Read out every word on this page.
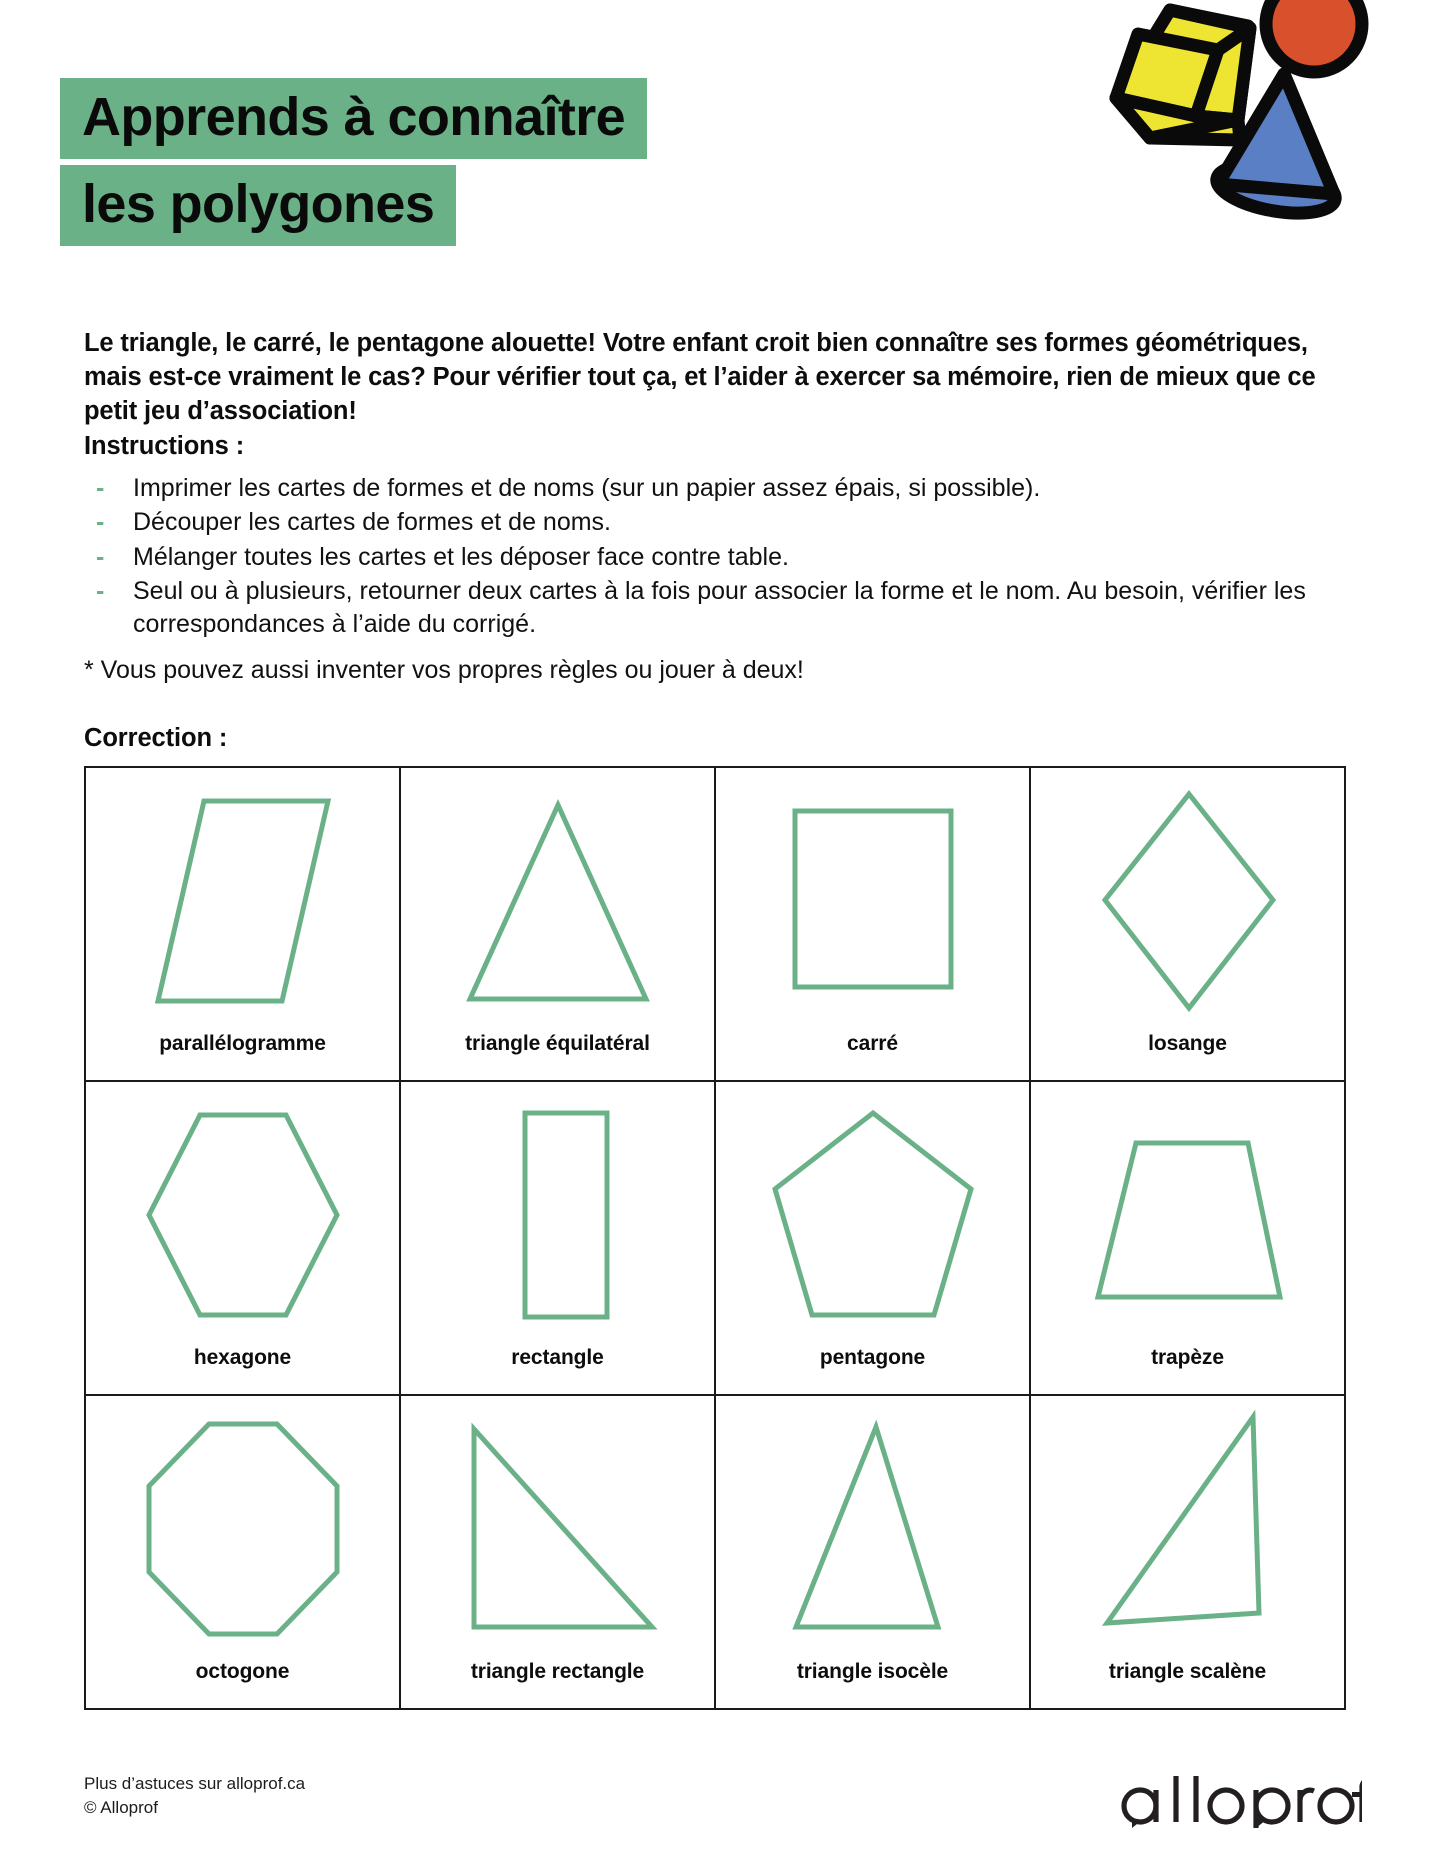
Apprends à connaître
les polygones

Le triangle, le carré, le pentagone alouette! Votre enfant croit bien connaître ses formes géométriques, mais est-ce vraiment le cas? Pour vérifier tout ça, et l’aider à exercer sa mémoire, rien de mieux que ce petit jeu d’association!

Instructions :
- Imprimer les cartes de formes et de noms (sur un papier assez épais, si possible).
- Découper les cartes de formes et de noms.
- Mélanger toutes les cartes et les déposer face contre table.
- Seul ou à plusieurs, retourner deux cartes à la fois pour associer la forme et le nom. Au besoin, vérifier les correspondances à l’aide du corrigé.
* Vous pouvez aussi inventer vos propres règles ou jouer à deux!
Correction :
parallélogramme	triangle équilatéral	carré	losange
hexagone	rectangle	pentagone	trapèze
octogone	triangle rectangle	triangle isocèle	triangle scalène
Plus d’astuces sur alloprof.ca
© Alloprof
